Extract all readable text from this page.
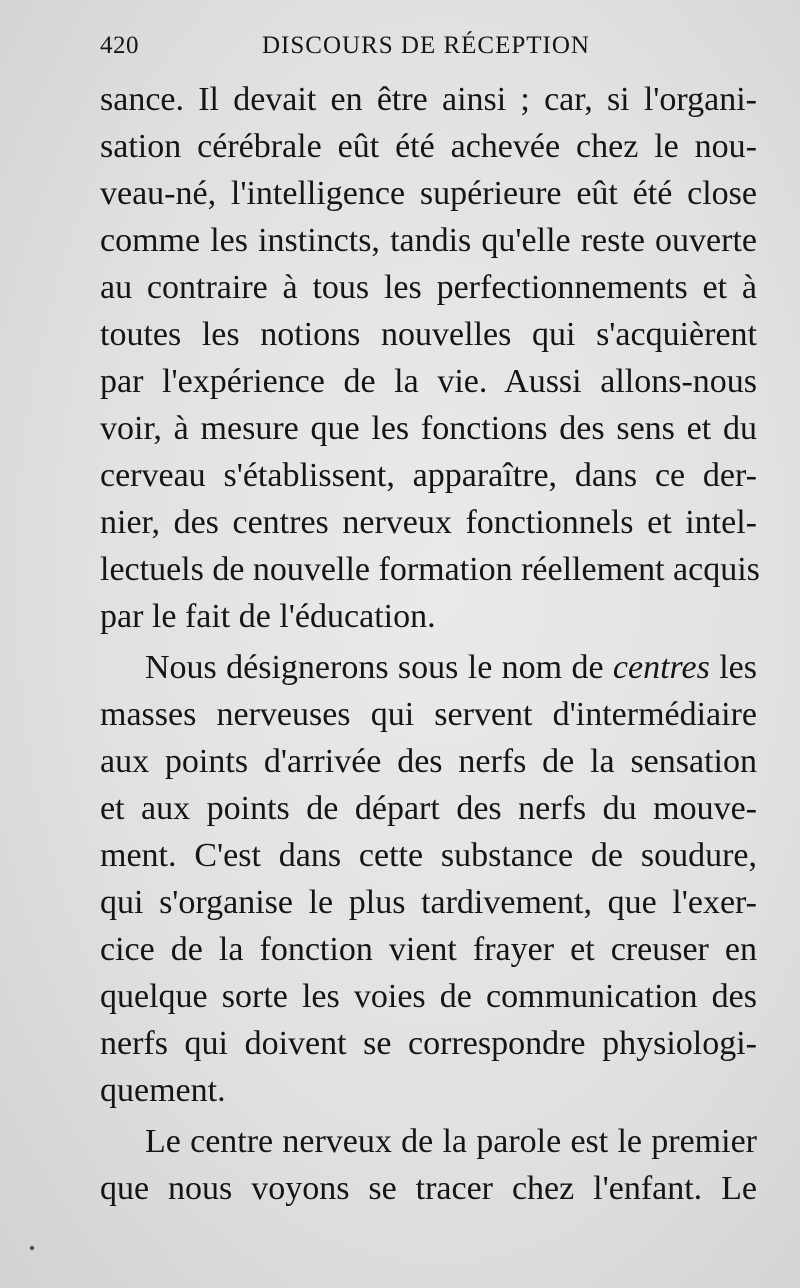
420	DISCOURS DE RÉCEPTION
sance. Il devait en être ainsi ; car, si l'organi-
sation cérébrale eût été achevée chez le nou-
veau-né, l'intelligence supérieure eût été close
comme les instincts, tandis qu'elle reste ouverte
au contraire à tous les perfectionnements et à
toutes les notions nouvelles qui s'acquièrent
par l'expérience de la vie. Aussi allons-nous
voir, à mesure que les fonctions des sens et du
cerveau s'établissent, apparaître, dans ce der-
nier, des centres nerveux fonctionnels et intel-
lectuels de nouvelle formation réellement acquis
par le fait de l'éducation.
Nous désignerons sous le nom de centres les
masses nerveuses qui servent d'intermédiaire
aux points d'arrivée des nerfs de la sensation
et aux points de départ des nerfs du mouve-
ment. C'est dans cette substance de soudure,
qui s'organise le plus tardivement, que l'exer-
cice de la fonction vient frayer et creuser en
quelque sorte les voies de communication des
nerfs qui doivent se correspondre physiologi-
quement.
Le centre nerveux de la parole est le premier
que nous voyons se tracer chez l'enfant. Le
